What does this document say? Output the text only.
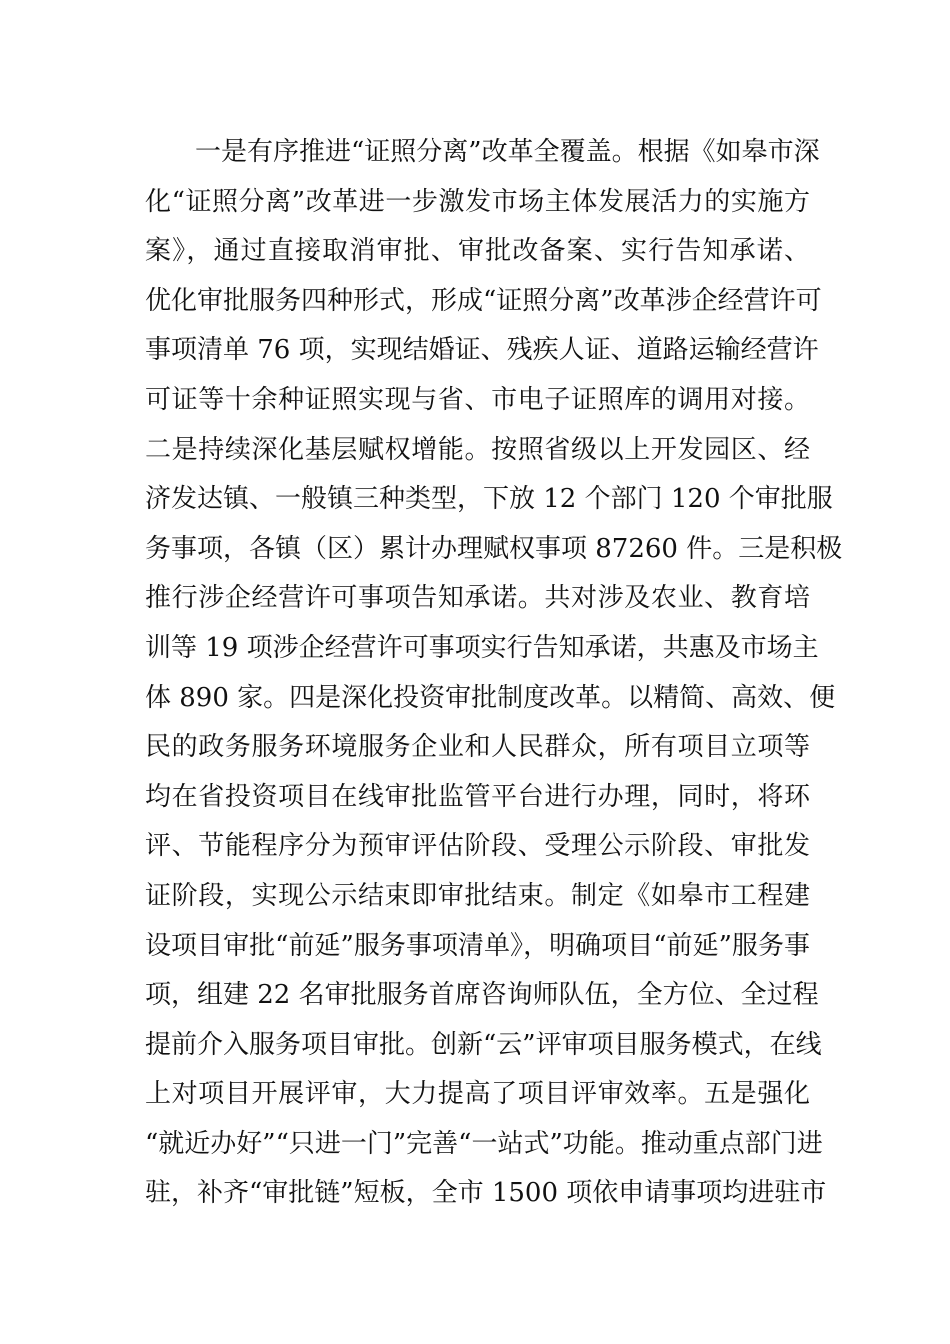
一是有序推进“证照分离”改革全覆盖。根据《如皋市深
化“证照分离”改革进一步激发市场主体发展活力的实施方
案》，通过直接取消审批、审批改备案、实行告知承诺、
优化审批服务四种形式，形成“证照分离”改革涉企经营许可
事项清单 76 项，实现结婚证、残疾人证、道路运输经营许
可证等十余种证照实现与省、市电子证照库的调用对接。
二是持续深化基层赋权增能。按照省级以上开发园区、经
济发达镇、一般镇三种类型，下放 12 个部门 120 个审批服
务事项，各镇（区）累计办理赋权事项 87260 件。三是积极
推行涉企经营许可事项告知承诺。共对涉及农业、教育培
训等 19 项涉企经营许可事项实行告知承诺，共惠及市场主
体 890 家。四是深化投资审批制度改革。以精简、高效、便
民的政务服务环境服务企业和人民群众，所有项目立项等
均在省投资项目在线审批监管平台进行办理，同时，将环
评、节能程序分为预审评估阶段、受理公示阶段、审批发
证阶段，实现公示结束即审批结束。制定《如皋市工程建
设项目审批“前延”服务事项清单》，明确项目“前延”服务事
项，组建 22 名审批服务首席咨询师队伍，全方位、全过程
提前介入服务项目审批。创新“云”评审项目服务模式，在线
上对项目开展评审，大力提高了项目评审效率。五是强化
“就近办好”“只进一门”完善“一站式”功能。推动重点部门进
驻，补齐“审批链”短板，全市 1500 项依申请事项均进驻市
